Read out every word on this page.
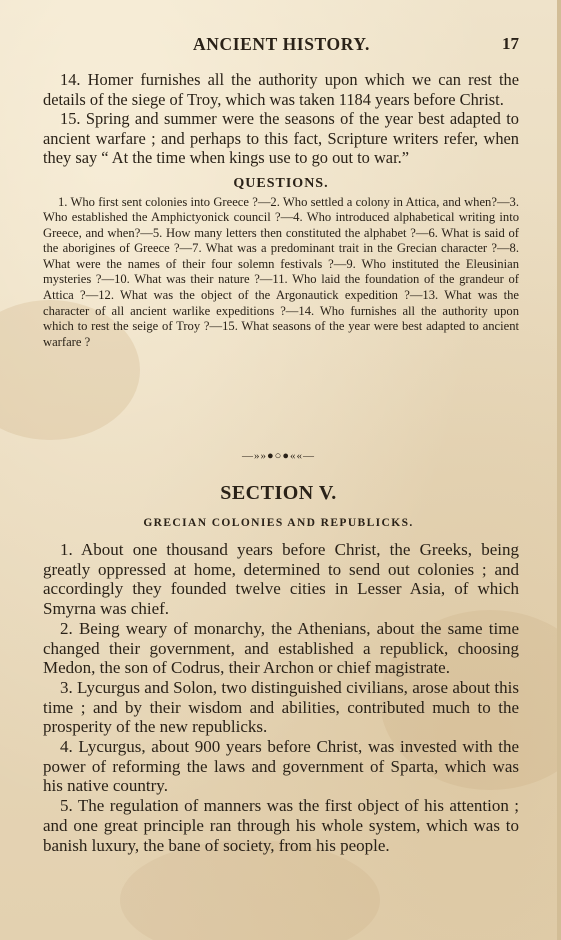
ANCIENT HISTORY.	17

14. Homer furnishes all the authority upon which we can rest the details of the siege of Troy, which was taken 1184 years before Christ.

15. Spring and summer were the seasons of the year best adapted to ancient warfare ; and perhaps to this fact, Scripture writers refer, when they say “ At the time when kings use to go out to war.”

QUESTIONS.

1. Who first sent colonies into Greece ?—2. Who settled a colony in Attica, and when?—3. Who established the Amphictyonick council ?—4. Who introduced alphabetical writing into Greece, and when?—5. How many letters then constituted the alphabet ?—6. What is said of the aborigines of Greece ?—7. What was a predominant trait in the Grecian character ?—8. What were the names of their four solemn festivals ?—9. Who instituted the Eleusinian mysteries ?—10. What was their nature ?—11. Who laid the foundation of the grandeur of Attica ?—12. What was the object of the Argonautick expedition ?—13. What was the character of all ancient warlike expeditions ?—14. Who furnishes all the authority upon which to rest the seige of Troy ?—15. What seasons of the year were best adapted to ancient warfare ?

—»»●○●««—
SECTION V.
GRECIAN COLONIES AND REPUBLICKS.

1. About one thousand years before Christ, the Greeks, being greatly oppressed at home, determined to send out colonies ; and accordingly they founded twelve cities in Lesser Asia, of which Smyrna was chief.

2. Being weary of monarchy, the Athenians, about the same time changed their government, and established a republick, choosing Medon, the son of Codrus, their Archon or chief magistrate.

3. Lycurgus and Solon, two distinguished civilians, arose about this time ; and by their wisdom and abilities, contributed much to the prosperity of the new republicks.

4. Lycurgus, about 900 years before Christ, was invested with the power of reforming the laws and government of Sparta, which was his native country.

5. The regulation of manners was the first object of his attention ; and one great principle ran through his whole system, which was to banish luxury, the bane of society, from his people.
